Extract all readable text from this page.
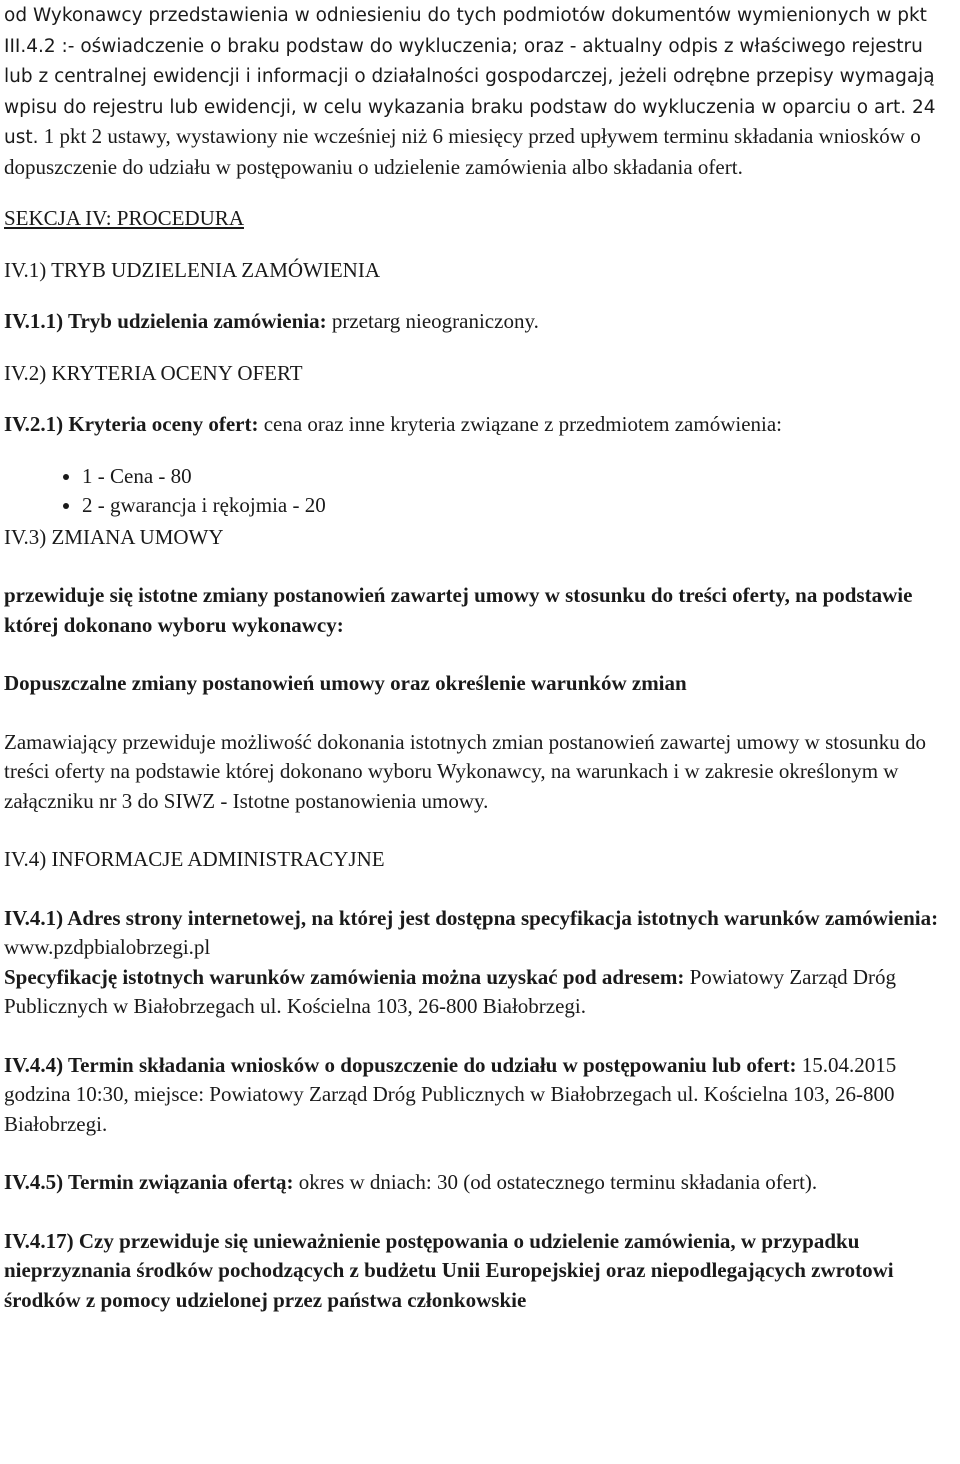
od Wykonawcy przedstawienia w odniesieniu do tych podmiotów dokumentów wymienionych w pkt III.4.2 :- oświadczenie o braku podstaw do wykluczenia; oraz - aktualny odpis z właściwego rejestru lub z centralnej ewidencji i informacji o działalności gospodarczej, jeżeli odrębne przepisy wymagają wpisu do rejestru lub ewidencji, w celu wykazania braku podstaw do wykluczenia w oparciu o art. 24 ust. 1 pkt 2 ustawy, wystawiony nie wcześniej niż 6 miesięcy przed upływem terminu składania wniosków o dopuszczenie do udziału w postępowaniu o udzielenie zamówienia albo składania ofert.

SEKCJA IV: PROCEDURA

IV.1) TRYB UDZIELENIA ZAMÓWIENIA

IV.1.1) Tryb udzielenia zamówienia: przetarg nieograniczony.

IV.2) KRYTERIA OCENY OFERT

IV.2.1) Kryteria oceny ofert: cena oraz inne kryteria związane z przedmiotem zamówienia:

• 1 - Cena - 80
• 2 - gwarancja i rękojmia - 20

IV.3) ZMIANA UMOWY

przewiduje się istotne zmiany postanowień zawartej umowy w stosunku do treści oferty, na podstawie której dokonano wyboru wykonawcy:

Dopuszczalne zmiany postanowień umowy oraz określenie warunków zmian

Zamawiający przewiduje możliwość dokonania istotnych zmian postanowień zawartej umowy w stosunku do treści oferty na podstawie której dokonano wyboru Wykonawcy, na warunkach i w zakresie określonym w załączniku nr 3 do SIWZ - Istotne postanowienia umowy.

IV.4) INFORMACJE ADMINISTRACYJNE

IV.4.1) Adres strony internetowej, na której jest dostępna specyfikacja istotnych warunków zamówienia: www.pzdpbialobrzegi.pl

Specyfikację istotnych warunków zamówienia można uzyskać pod adresem: Powiatowy Zarząd Dróg Publicznych w Białobrzegach ul. Kościelna 103, 26-800 Białobrzegi.

IV.4.4) Termin składania wniosków o dopuszczenie do udziału w postępowaniu lub ofert: 15.04.2015 godzina 10:30, miejsce: Powiatowy Zarząd Dróg Publicznych w Białobrzegach ul. Kościelna 103, 26-800 Białobrzegi.

IV.4.5) Termin związania ofertą: okres w dniach: 30 (od ostatecznego terminu składania ofert).

IV.4.17) Czy przewiduje się unieważnienie postępowania o udzielenie zamówienia, w przypadku nieprzyznania środków pochodzących z budżetu Unii Europejskiej oraz niepodlegających zwrotowi środków z pomocy udzielonej przez państwa członkowskie
